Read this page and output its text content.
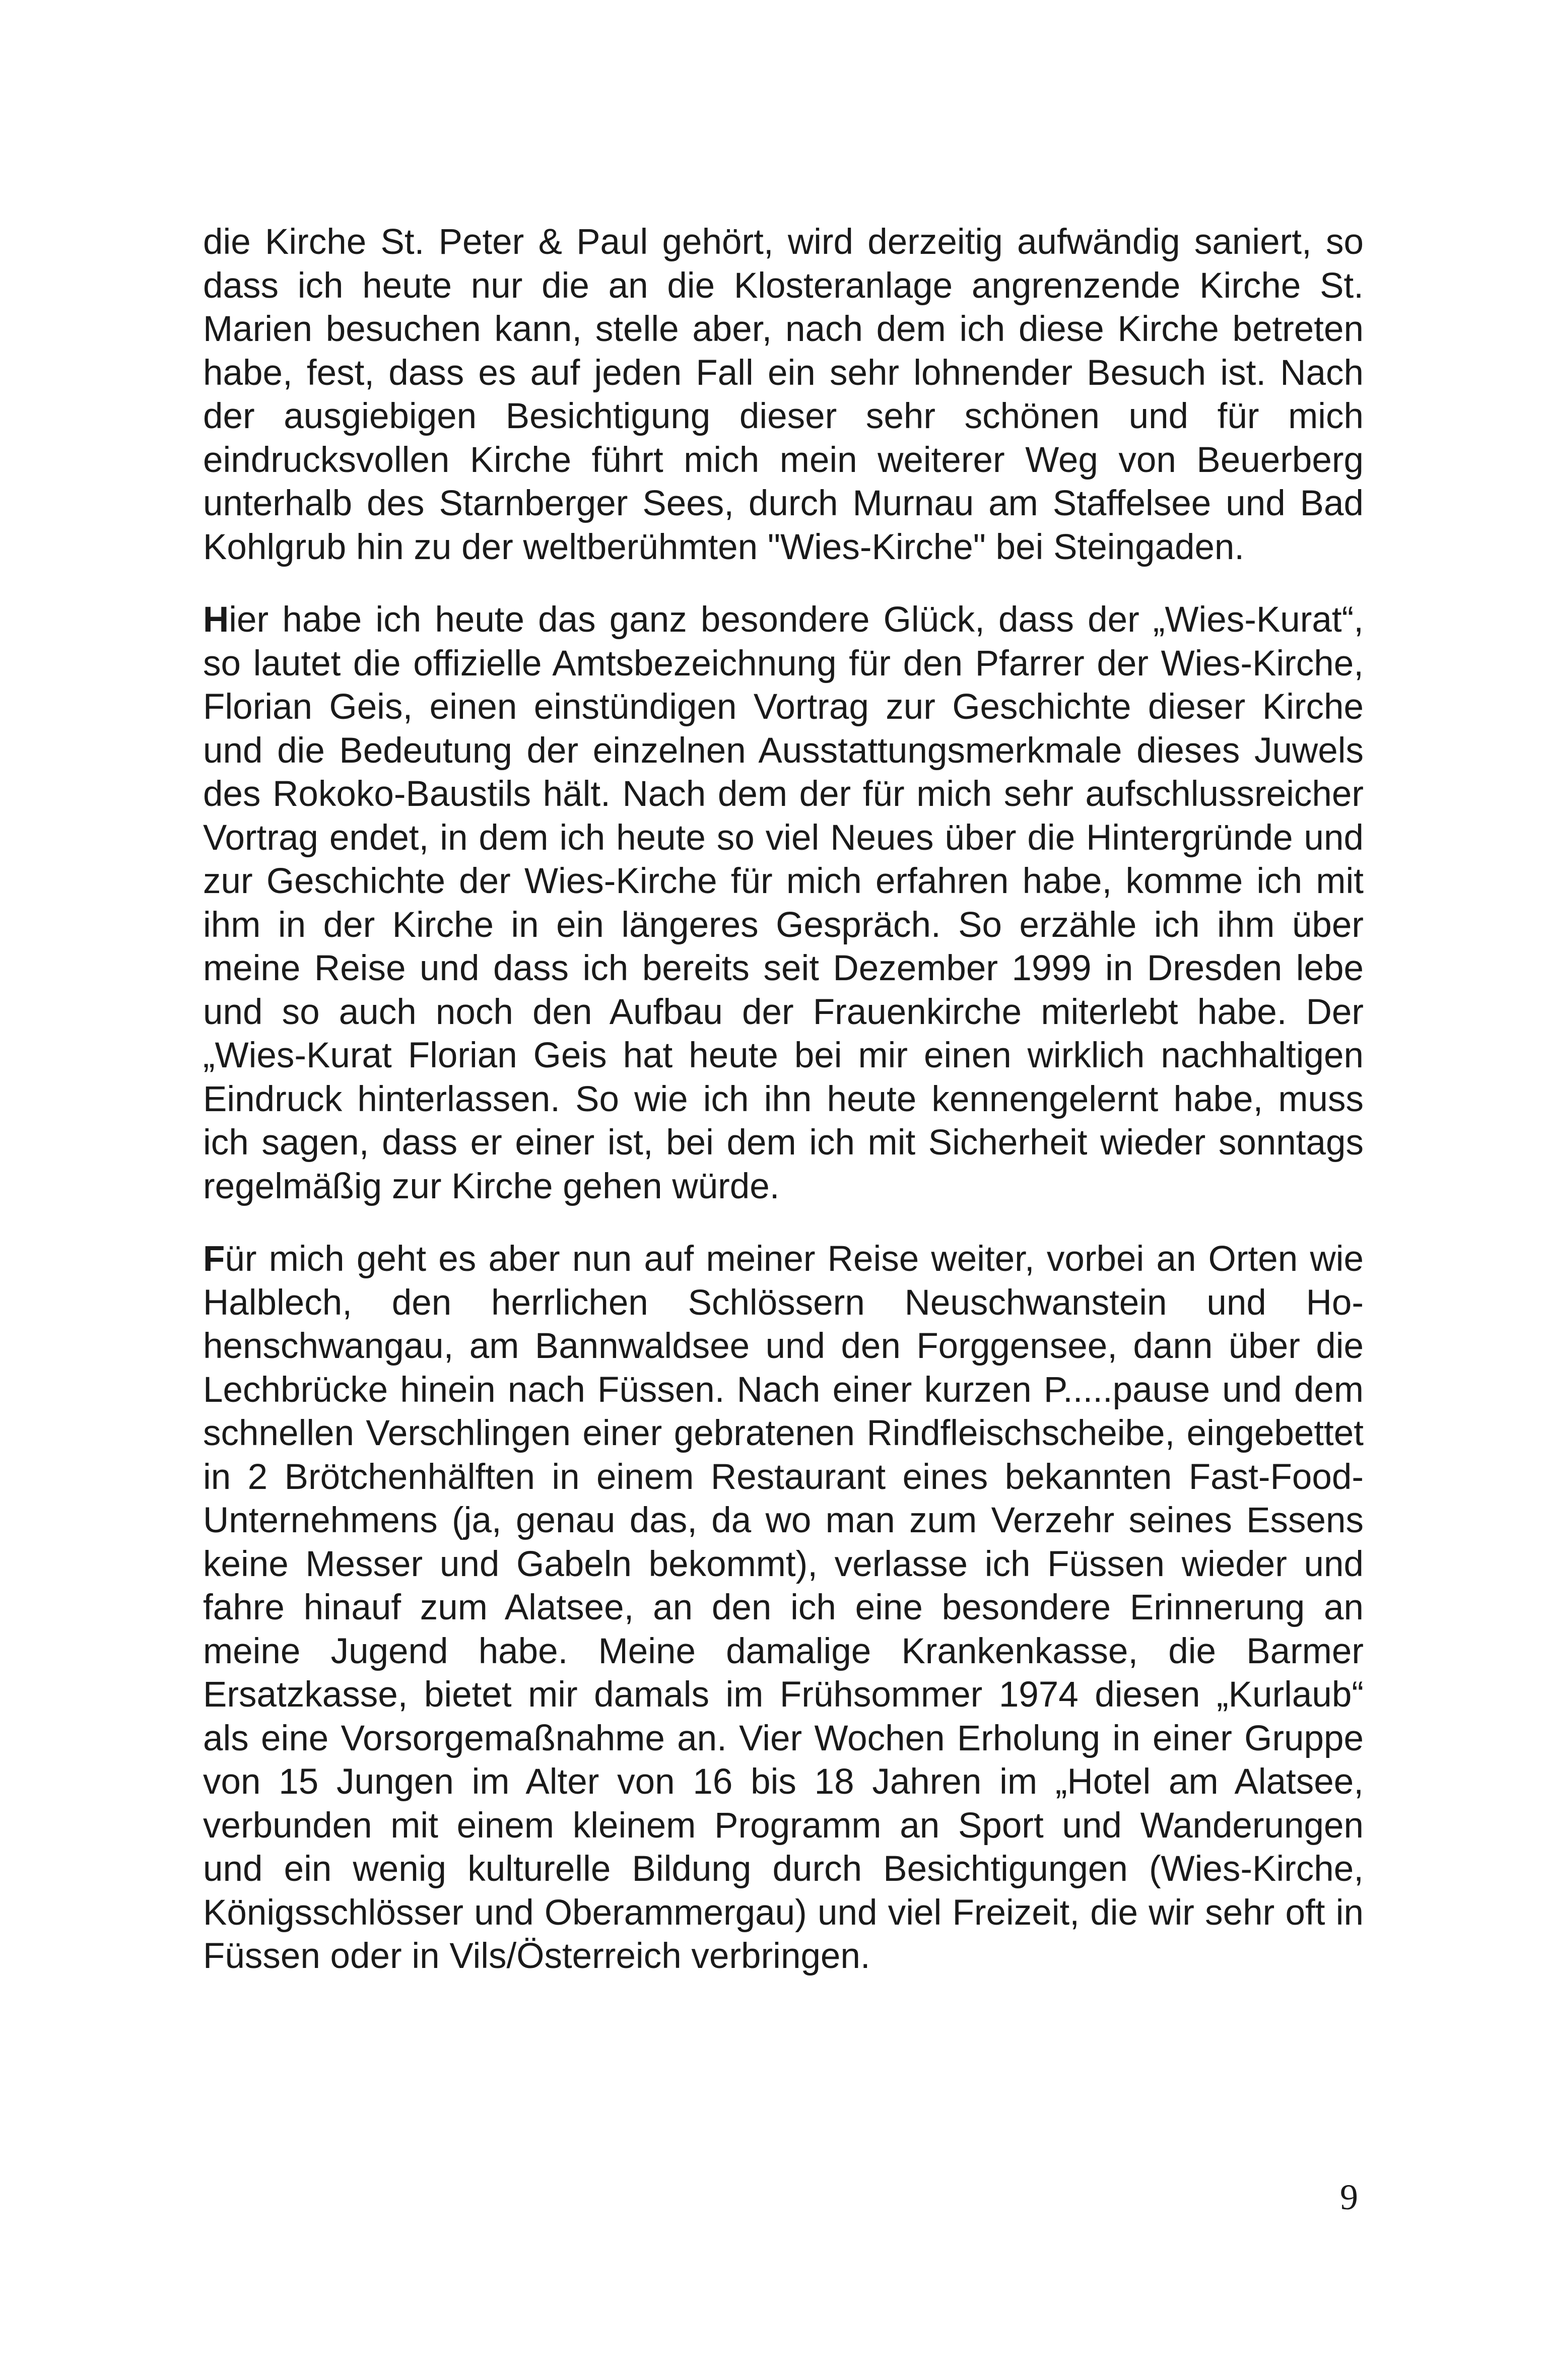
die Kirche St. Peter & Paul gehört, wird derzeitig aufwändig saniert, so dass ich heute nur die an die Klosteranlage angrenzende Kirche St. Marien besuchen kann, stelle aber, nach dem ich diese Kirche betreten habe, fest, dass es auf jeden Fall ein sehr lohnender Besuch ist. Nach der ausgiebigen Besichtigung dieser sehr schönen und für mich eindrucksvollen Kirche führt mich mein weiterer Weg von Beuerberg unterhalb des Starnberger Sees, durch Murnau am Staffelsee und Bad Kohlgrub hin zu der weltberühmten "Wies-Kirche" bei Steingaden.

Hier habe ich heute das ganz besondere Glück, dass der „Wies-Kurat“, so lautet die offizielle Amtsbezeichnung für den Pfarrer der Wies-Kirche, Florian Geis, einen einstündigen Vortrag zur Geschichte dieser Kirche und die Bedeutung der einzelnen Ausstattungsmerkmale dieses Juwels des Rokoko-Baustils hält. Nach dem der für mich sehr aufschlussreicher Vortrag endet, in dem ich heute so viel Neues über die Hintergründe und zur Geschichte der Wies-Kirche für mich erfahren habe, komme ich mit ihm in der Kirche in ein längeres Gespräch. So erzähle ich ihm über meine Reise und dass ich bereits seit Dezember 1999 in Dresden lebe und so auch noch den Aufbau der Frauenkirche miterlebt habe. Der „Wies-Kurat Florian Geis hat heute bei mir einen wirklich nachhaltigen Eindruck hinterlassen. So wie ich ihn heute kennengelernt habe, muss ich sagen, dass er einer ist, bei dem ich mit Sicherheit wieder sonntags regelmäßig zur Kirche gehen würde.

Für mich geht es aber nun auf meiner Reise weiter, vorbei an Orten wie Halblech, den herrlichen Schlössern Neuschwanstein und Hohenschwangau, am Bannwaldsee und den Forggensee, dann über die Lechbrücke hinein nach Füssen. Nach einer kurzen P.....pause und dem schnellen Verschlingen einer gebratenen Rindfleischscheibe, eingebettet in 2 Brötchenhälften in einem Restaurant eines bekannten Fast-Food-Unternehmens (ja, genau das, da wo man zum Verzehr seines Essens keine Messer und Gabeln bekommt), verlasse ich Füssen wieder und fahre hinauf zum Alatsee, an den ich eine besondere Erinnerung an meine Jugend habe. Meine damalige Krankenkasse, die Barmer Ersatzkasse, bietet mir damals im Frühsommer 1974 diesen „Kurlaub“ als eine Vorsorgemaßnahme an. Vier Wochen Erholung in einer Gruppe von 15 Jungen im Alter von 16 bis 18 Jahren im „Hotel am Alatsee, verbunden mit einem kleinem Programm an Sport und Wanderungen und ein wenig kulturelle Bildung durch Besichtigungen (Wies-Kirche, Königsschlösser und Oberammergau) und viel Freizeit, die wir sehr oft in Füssen oder in Vils/Österreich verbringen.

9
